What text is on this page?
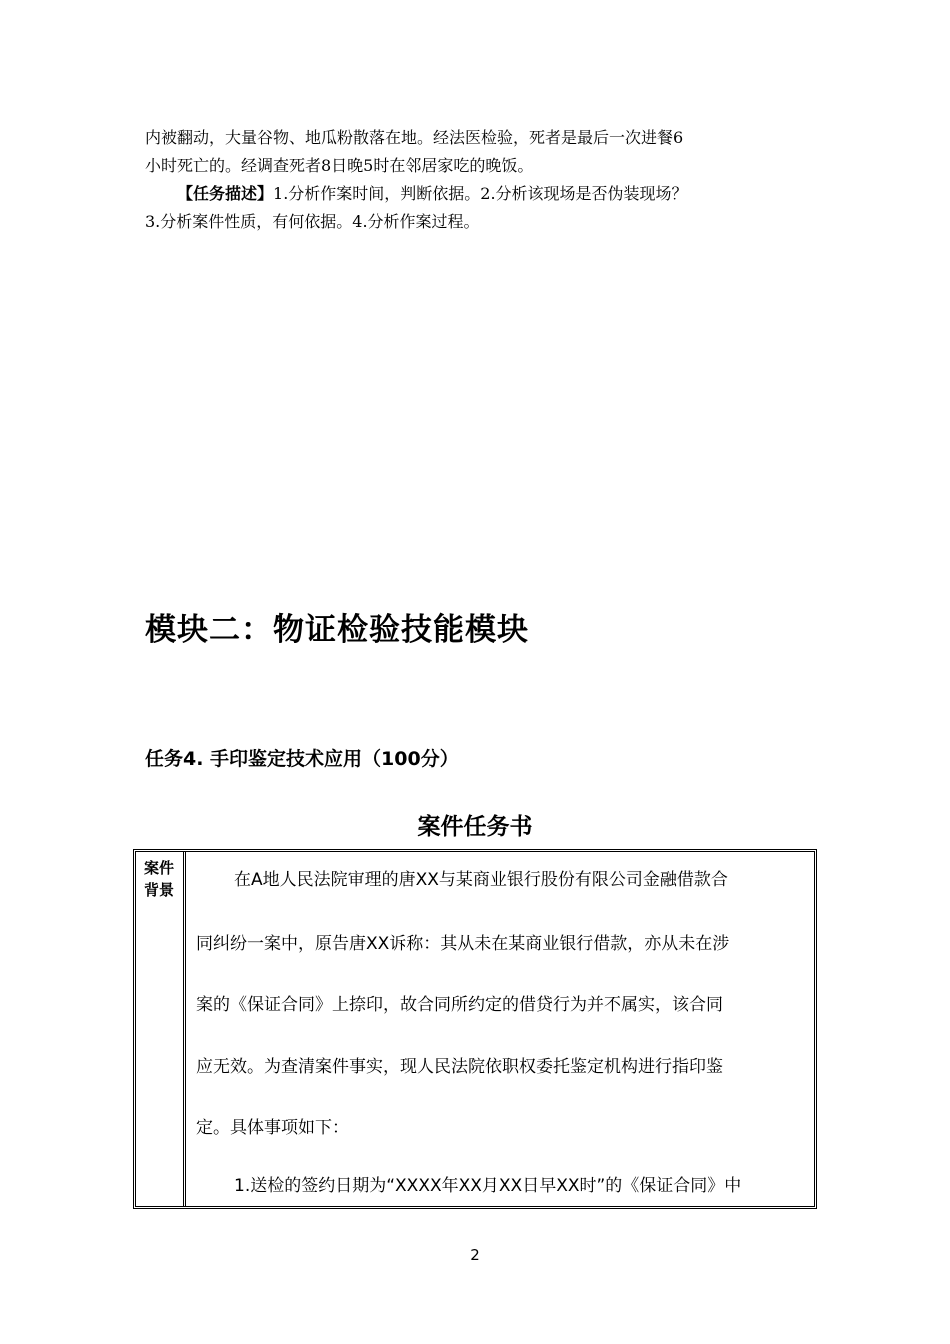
内被翻动，大量谷物、地瓜粉散落在地。经法医检验，死者是最后一次进餐6
小时死亡的。经调查死者8日晚5时在邻居家吃的晚饭。

【任务描述】1.分析作案时间，判断依据。2.分析该现场是否伪装现场？
3.分析案件性质，有何依据。4.分析作案过程。

模块二：物证检验技能模块
任务4. 手印鉴定技术应用（100分）
案件任务书
案件背景	在A地人民法院审理的唐XX与某商业银行股份有限公司金融借款合

同纠纷一案中，原告唐XX诉称：其从未在某商业银行借款，亦从未在涉

案的《保证合同》上捺印，故合同所约定的借贷行为并不属实，该合同

应无效。为查清案件事实，现人民法院依职权委托鉴定机构进行指印鉴

定。具体事项如下：

1.送检的签约日期为“XXXX年XX月XX日早XX时”的《保证合同》中

2
